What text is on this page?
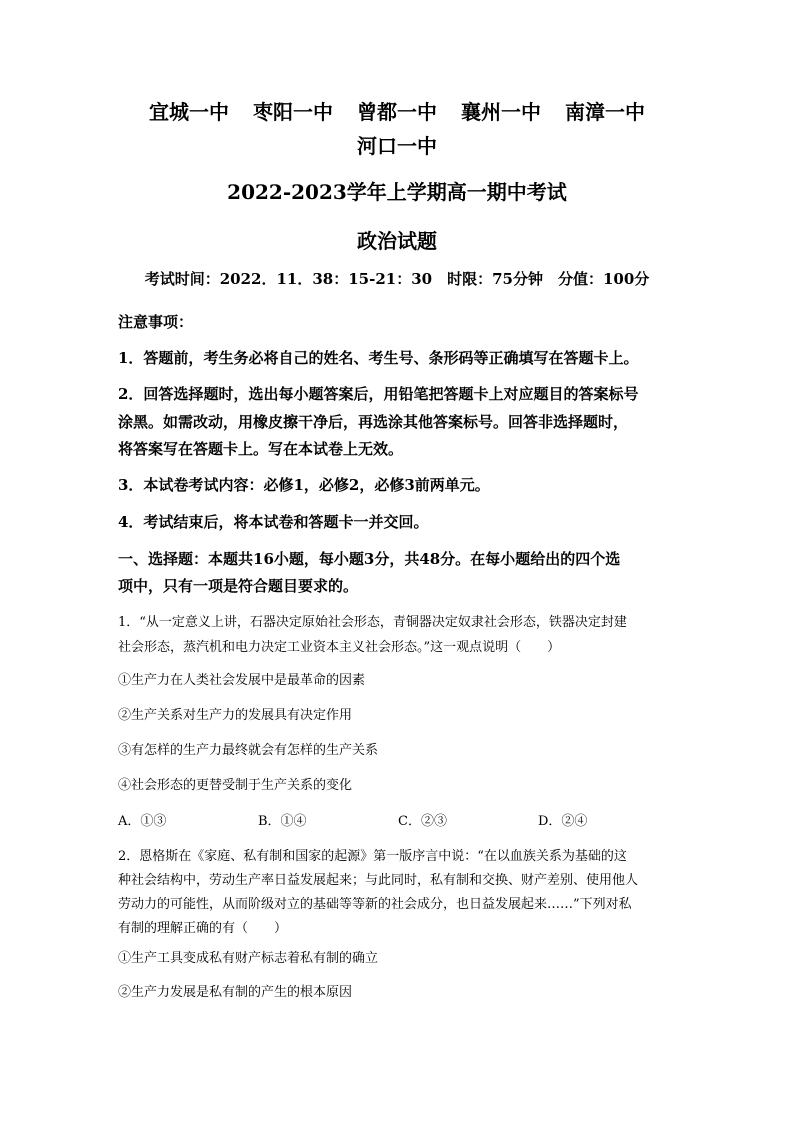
宜城一中 枣阳一中 曾都一中 襄州一中 南漳一中
河口一中
2022-2023学年上学期高一期中考试
政治试题
考试时间：2022．11．38：15-21：30　时限：75分钟　分值：100分
注意事项：
1．答题前，考生务必将自己的姓名、考生号、条形码等正确填写在答题卡上。
2．回答选择题时，选出每小题答案后，用铅笔把答题卡上对应题目的答案标号
涂黑。如需改动，用橡皮擦干净后，再选涂其他答案标号。回答非选择题时，
将答案写在答题卡上。写在本试卷上无效。
3．本试卷考试内容：必修1，必修2，必修3前两单元。
4．考试结束后，将本试卷和答题卡一并交回。
一、选择题：本题共16小题，每小题3分，共48分。在每小题给出的四个选
项中，只有一项是符合题目要求的。
1．“从一定意义上讲，石器决定原始社会形态，青铜器决定奴隶社会形态，铁器决定封建
社会形态，蒸汽机和电力决定工业资本主义社会形态。”这一观点说明（　　）
①生产力在人类社会发展中是最革命的因素
②生产关系对生产力的发展具有决定作用
③有怎样的生产力最终就会有怎样的生产关系
④社会形态的更替受制于生产关系的变化
A．①③	B．①④	C．②③	D．②④
2．恩格斯在《家庭、私有制和国家的起源》第一版序言中说：“在以血族关系为基础的这
种社会结构中，劳动生产率日益发展起来；与此同时，私有制和交换、财产差别、使用他人
劳动力的可能性，从而阶级对立的基础等等新的社会成分，也日益发展起来……”下列对私
有制的理解正确的有（　　）
①生产工具变成私有财产标志着私有制的确立
②生产力发展是私有制的产生的根本原因
